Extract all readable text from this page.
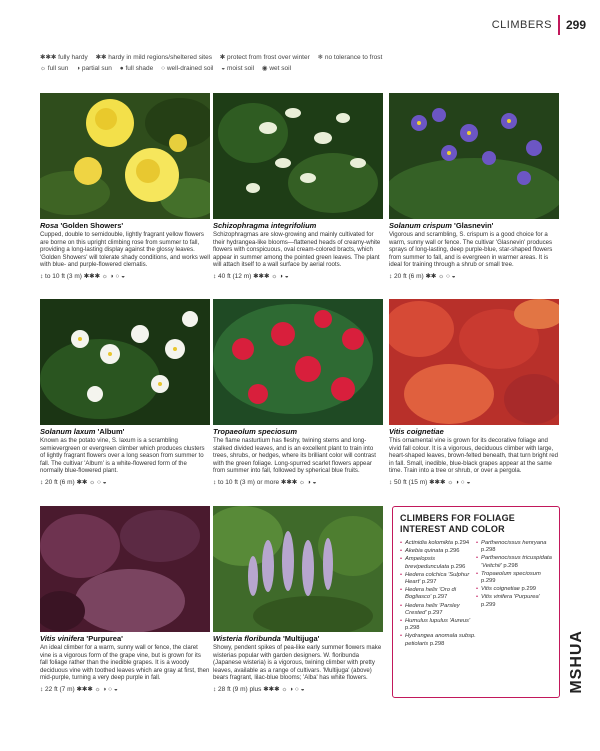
CLIMBERS 299
✱✱✱ fully hardy ✱✱ hardy in mild regions/sheltered sites ✱ protect from frost over winter ❄ no tolerance to frost
☼ full sun ◑ partial sun ● full shade ○ well-drained soil ◒ moist soil ◉ wet soil
Rosa 'Golden Showers'
Cupped, double to semidouble, lightly fragrant yellow flowers are borne on this upright climbing rose from summer to fall, providing a long-lasting display against the glossy leaves. 'Golden Showers' will tolerate shady conditions, and works well with blue- and purple-flowered clematis.
↕ to 10 ft (3 m) ✱✱✱ ☼ ◑ ○ ◒
Schizophragma integrifolium
Schizophragmas are slow-growing and mainly cultivated for their hydrangea-like blooms—flattened heads of creamy-white flowers with conspicuous, oval cream-colored bracts, which appear in summer among the pointed green leaves. The plant will attach itself to a wall surface by aerial roots.
↕ 40 ft (12 m) ✱✱✱ ☼ ◑ ◒
Solanum crispum 'Glasnevin'
Vigorous and scrambling, S. crispum is a good choice for a warm, sunny wall or fence. The cultivar 'Glasnevin' produces sprays of long-lasting, deep purple-blue, star-shaped flowers from summer to fall, and is evergreen in warmer areas. It is ideal for training through a shrub or small tree.
↕ 20 ft (6 m) ✱✱ ☼ ○ ◒
Solanum laxum 'Album'
Known as the potato vine, S. laxum is a scrambling semievergreen or evergreen climber which produces clusters of lightly fragrant flowers over a long season from summer to fall. The cultivar 'Album' is a white-flowered form of the normally blue-flowered plant.
↕ 20 ft (6 m) ✱✱ ☼ ○ ◒
Tropaeolum speciosum
The flame nasturtium has fleshy, twining stems and long-stalked divided leaves, and is an excellent plant to train into trees, shrubs, or hedges, where its brilliant color will contrast with the green foliage. Long-spurred scarlet flowers appear from summer into fall, followed by spherical blue fruits.
↕ to 10 ft (3 m) or more ✱✱✱ ☼ ◑ ◒
Vitis coignetiae
This ornamental vine is grown for its decorative foliage and vivid fall colour. It is a vigorous, deciduous climber with large, heart-shaped leaves, brown-felted beneath, that turn bright red in fall. Small, inedible, blue-black grapes appear at the same time. Train into a tree or shrub, or over a pergola.
↕ 50 ft (15 m) ✱✱✱ ☼ ◑ ○ ◒
Vitis vinifera 'Purpurea'
An ideal climber for a warm, sunny wall or fence, the claret vine is a vigorous form of the grape vine, but is grown for its fall foliage rather than the inedible grapes. It is a woody deciduous vine with toothed leaves which are gray at first, then mid-purple, turning a very deep purple in fall.
↕ 22 ft (7 m) ✱✱✱ ☼ ◑ ○ ◒
Wisteria floribunda 'Multijuga'
Showy, pendent spikes of pea-like early summer flowers make wisterias popular with garden designers. W. floribunda (Japanese wisteria) is a vigorous, twining climber with pretty leaves, available as a range of cultivars. 'Multijuga' (above) bears fragrant, lilac-blue blooms; 'Alba' has white flowers.
↕ 28 ft (9 m) plus ✱✱✱ ☼ ◑ ○ ◒
CLIMBERS FOR FOLIAGE INTEREST AND COLOR
• Actinidia kolomikta p.294
• Akebia quinata p.296
• Ampelopsis brevipedunculata p.296
• Hedera colchica 'Sulphur Heart' p.297
• Hedera helix 'Oro di Bogliasco' p.297
• Hedera helix 'Parsley Crested' p.297
• Humulus lupulus 'Aureus' p.298
• Hydrangea anomala subsp. petiolaris p.298
• Parthenocissus henryana p.298
• Parthenocissus tricuspidata 'Veitchii' p.298
• Tropaeolum speciosum p.299
• Vitis coignetiae p.299
• Vitis vinifera 'Purpurea' p.299
MSHUA
